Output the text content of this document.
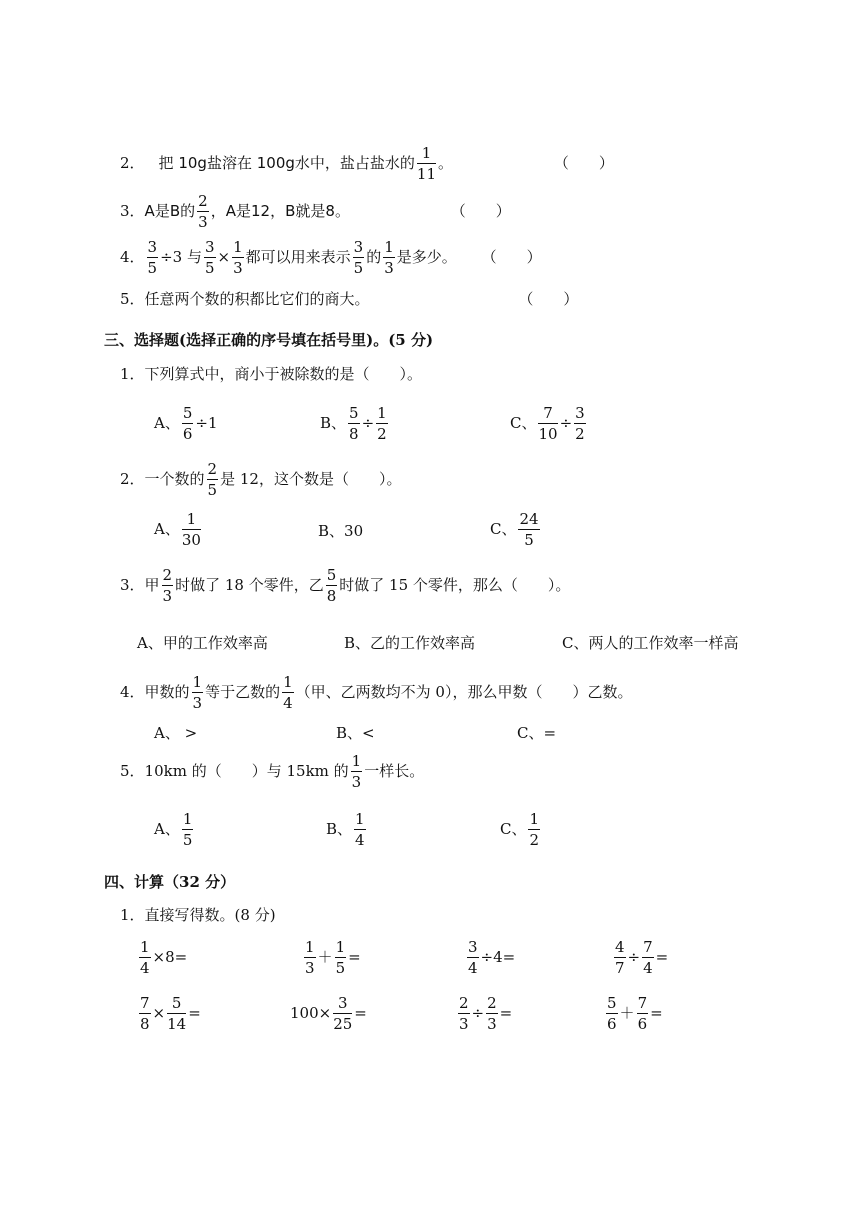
2． 把 10g盐溶在 100g水中，盐占盐水的 $\frac{1}{11}$ 。	（　　）
3．A是B的 $\frac{2}{3}$ ，A是12，B就是8。	（　　）
4． $\frac{3}{5} \div 3$ 与 $\frac{3}{5} \times \frac{1}{3}$ 都可以用来表示 $\frac{3}{5}$ 的 $\frac{1}{3}$ 是多少。 （　　）
5．任意两个数的积都比它们的商大。	（　　）
三、选择题(选择正确的序号填在括号里)。(5 分)
1．下列算式中，商小于被除数的是（　　）。
A、 $\frac{5}{6} \div 1$	B、 $\frac{5}{8} \div \frac{1}{2}$	C、 $\frac{7}{10} \div \frac{3}{2}$
2．一个数的 $\frac{2}{5}$ 是 12，这个数是（　　）。
A、 $\frac{1}{30}$	B、30	C、 $\frac{24}{5}$
3．甲 $\frac{2}{3}$ 时做了 18 个零件，乙 $\frac{5}{8}$ 时做了 15 个零件，那么（　　）。
A、甲的工作效率高	B、乙的工作效率高	C、两人的工作效率一样高
4．甲数的 $\frac{1}{3}$ 等于乙数的 $\frac{1}{4}$ （甲、乙两数均不为 0），那么甲数（　　）乙数。
A、 >	B、<	C、=
5．10km 的（　　）与 15km 的 $\frac{1}{3}$ 一样长。
A、 $\frac{1}{5}$	B、 $\frac{1}{4}$	C、 $\frac{1}{2}$
四、计算（32 分）
1．直接写得数。(8 分)
$\frac{1}{4} \times 8=$	$\frac{1}{3} + \frac{1}{5}$ =	$\frac{3}{4} \div 4=$	$\frac{4}{7} \div \frac{7}{4}$ =
$\frac{7}{8} \times \frac{5}{14}$ =	$100\times \frac{3}{25}$ =	$\frac{2}{3} \div \frac{2}{3}$ =	$\frac{5}{6} + \frac{7}{6}$ =
